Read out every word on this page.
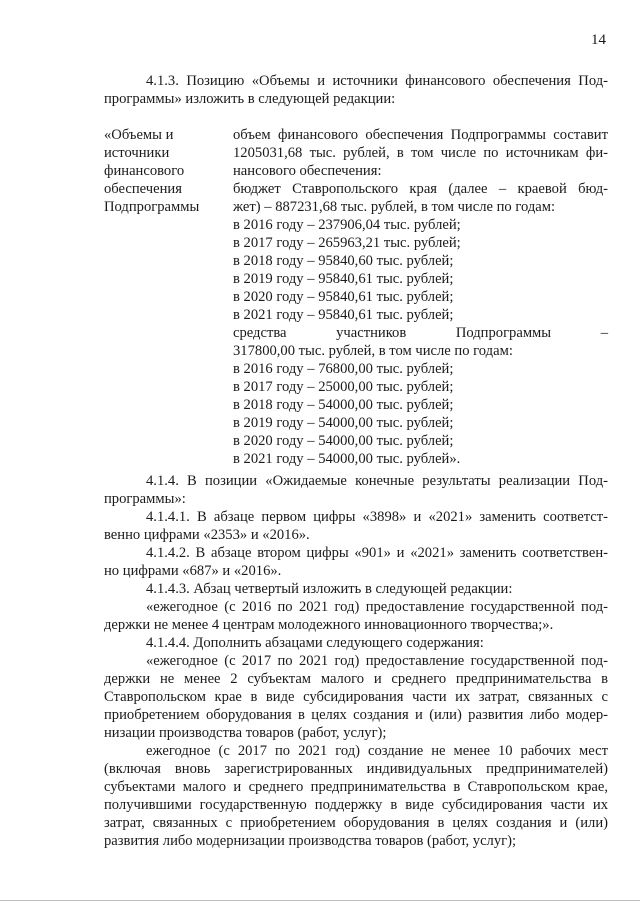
14
4.1.3. Позицию «Объемы и источники финансового обеспечения Под-
программы» изложить в следующей редакции:
«Объемы и
источники
финансового
обеспечения
Подпрограммы
объем финансового обеспечения Подпрограммы составит
1205031,68 тыс. рублей, в том числе по источникам фи-
нансового обеспечения:
бюджет Ставропольского края (далее – краевой бюд-
жет) – 887231,68 тыс. рублей, в том числе по годам:
в 2016 году – 237906,04 тыс. рублей;
в 2017 году – 265963,21 тыс. рублей;
в 2018 году – 95840,60 тыс. рублей;
в 2019 году – 95840,61 тыс. рублей;
в 2020 году – 95840,61 тыс. рублей;
в 2021 году – 95840,61 тыс. рублей;
средства участников Подпрограммы –
317800,00 тыс. рублей, в том числе по годам:
в 2016 году – 76800,00 тыс. рублей;
в 2017 году – 25000,00 тыс. рублей;
в 2018 году – 54000,00 тыс. рублей;
в 2019 году – 54000,00 тыс. рублей;
в 2020 году – 54000,00 тыс. рублей;
в 2021 году – 54000,00 тыс. рублей».
4.1.4. В позиции «Ожидаемые конечные результаты реализации Под-
программы»:
4.1.4.1. В абзаце первом цифры «3898» и «2021» заменить соответст-
венно цифрами «2353» и «2016».
4.1.4.2. В абзаце втором цифры «901» и «2021» заменить соответствен-
но цифрами «687» и «2016».
4.1.4.3. Абзац четвертый изложить в следующей редакции:
«ежегодное (с 2016 по 2021 год) предоставление государственной под-
держки не менее 4 центрам молодежного инновационного творчества;».
4.1.4.4. Дополнить абзацами следующего содержания:
«ежегодное (с 2017 по 2021 год) предоставление государственной под-
держки не менее 2 субъектам малого и среднего предпринимательства в
Ставропольском крае в виде субсидирования части их затрат, связанных с
приобретением оборудования в целях создания и (или) развития либо модер-
низации производства товаров (работ, услуг);
ежегодное (с 2017 по 2021 год) создание не менее 10 рабочих мест
(включая вновь зарегистрированных индивидуальных предпринимателей)
субъектами малого и среднего предпринимательства в Ставропольском крае,
получившими государственную поддержку в виде субсидирования части их
затрат, связанных с приобретением оборудования в целях создания и (или)
развития либо модернизации производства товаров (работ, услуг);
